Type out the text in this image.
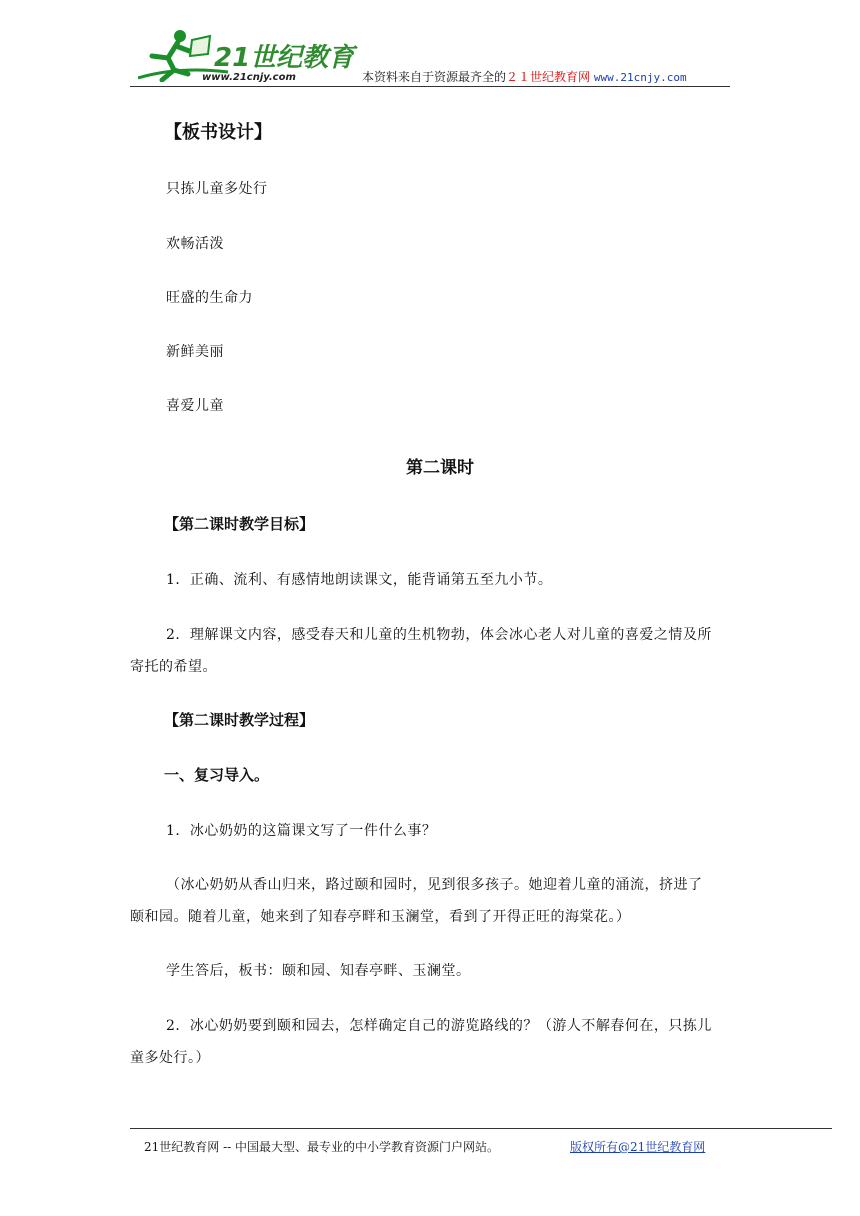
21世纪教育
www.21cnjy.com	本资料来自于资源最齐全的２１世纪教育网 www.21cnjy.com
【板书设计】
只拣儿童多处行
欢畅活泼
旺盛的生命力
新鲜美丽
喜爱儿童
第二课时
【第二课时教学目标】
1．正确、流利、有感情地朗读课文，能背诵第五至九小节。
2．理解课文内容，感受春天和儿童的生机物勃，体会冰心老人对儿童的喜爱之情及所
寄托的希望。
【第二课时教学过程】
一、复习导入。
1．冰心奶奶的这篇课文写了一件什么事？
（冰心奶奶从香山归来，路过颐和园时，见到很多孩子。她迎着儿童的涌流，挤进了
颐和园。随着儿童，她来到了知春亭畔和玉澜堂，看到了开得正旺的海棠花。）
学生答后，板书：颐和园、知春亭畔、玉澜堂。
2．冰心奶奶要到颐和园去，怎样确定自己的游览路线的？（游人不解春何在，只拣儿
童多处行。）
21世纪教育网 -- 中国最大型、最专业的中小学教育资源门户网站。	版权所有@21世纪教育网
